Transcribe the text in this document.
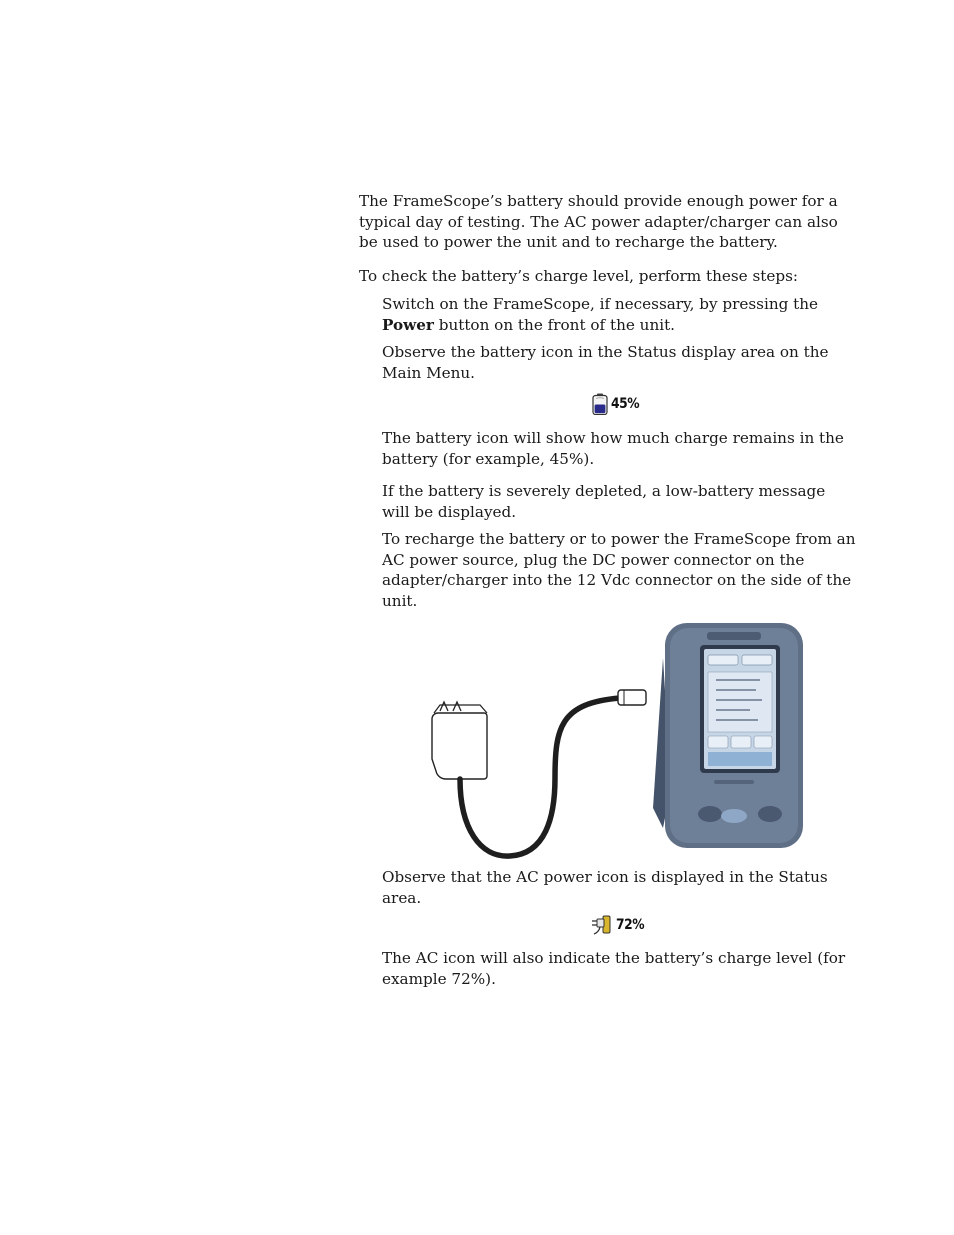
The FrameScope’s battery should provide enough power for a typical day of testing. The AC power adapter/charger can also be used to power the unit and to recharge the battery.

To check the battery’s charge level, perform these steps:

Switch on the FrameScope, if necessary, by pressing the Power button on the front of the unit.

Observe the battery icon in the Status display area on the Main Menu.

45%

The battery icon will show how much charge remains in the battery (for example, 45%).

If the battery is severely depleted, a low-battery message will be displayed.

To recharge the battery or to power the FrameScope from an AC power source, plug the DC power connector on the adapter/charger into the 12 Vdc connector on the side of the unit.

Observe that the AC power icon is displayed in the Status area.

72%

The AC icon will also indicate the battery’s charge level (for example 72%).
